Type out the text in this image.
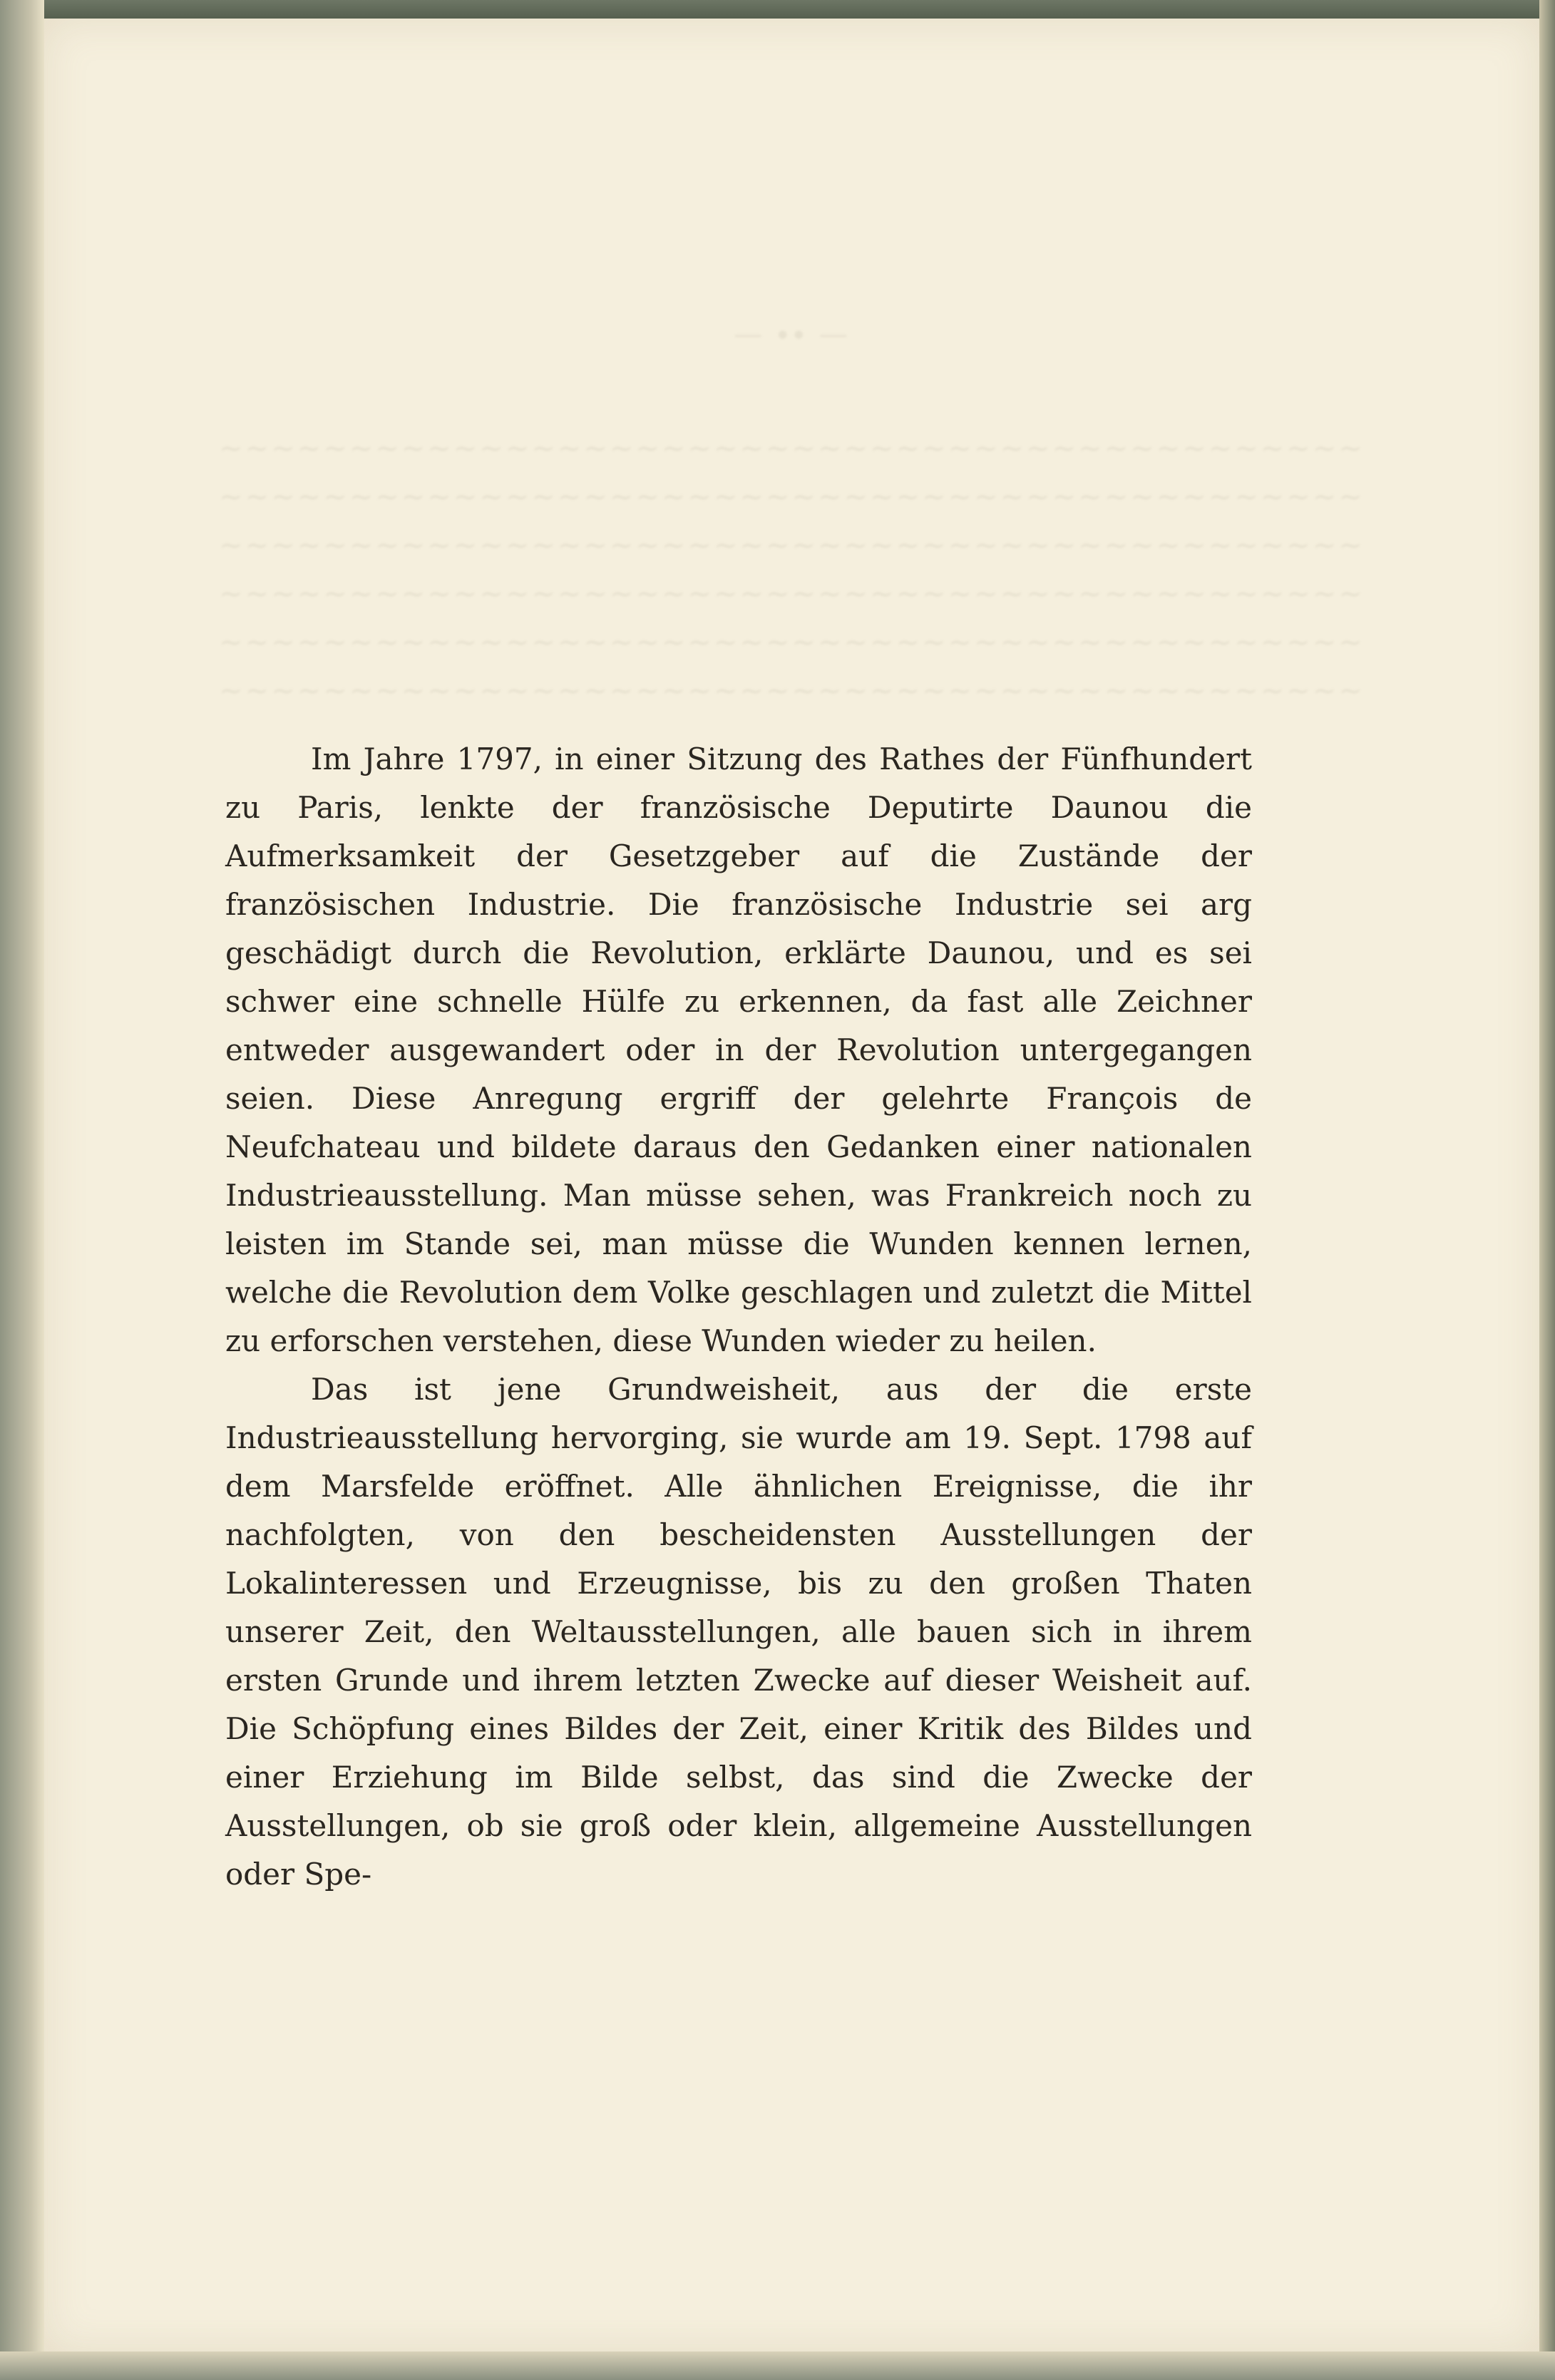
— ∙∙ —
~~~~~~~~~~~~~~~~~~~~~~~~~~~~~~~~~~~~~~~~~~~~
~~~~~~~~~~~~~~~~~~~~~~~~~~~~~~~~~~~~~~~~~~~~
~~~~~~~~~~~~~~~~~~~~~~~~~~~~~~~~~~~~~~~~~~~~
~~~~~~~~~~~~~~~~~~~~~~~~~~~~~~~~~~~~~~~~~~~~
~~~~~~~~~~~~~~~~~~~~~~~~~~~~~~~~~~~~~~~~~~~~
~~~~~~~~~~~~~~~~~~~~~~~~~~~~~~~~~~~~~~~~~~~~

Im Jahre 1797, in einer Sitzung des Rathes der Fünfhundert zu Paris, lenkte der französische Deputirte Daunou die Aufmerksamkeit der Gesetzgeber auf die Zustände der französischen Industrie. Die französische Industrie sei arg geschädigt durch die Revolution, erklärte Daunou, und es sei schwer eine schnelle Hülfe zu erkennen, da fast alle Zeichner entweder ausgewandert oder in der Revolution untergegangen seien. Diese Anregung ergriff der gelehrte François de Neufchateau und bildete daraus den Gedanken einer nationalen Industrieausstellung. Man müsse sehen, was Frankreich noch zu leisten im Stande sei, man müsse die Wunden kennen lernen, welche die Revolution dem Volke geschlagen und zuletzt die Mittel zu erforschen verstehen, diese Wunden wieder zu heilen.

Das ist jene Grundweisheit, aus der die erste Industrieausstellung hervorging, sie wurde am 19. Sept. 1798 auf dem Marsfelde eröffnet. Alle ähnlichen Ereignisse, die ihr nachfolgten, von den bescheidensten Ausstellungen der Lokalinteressen und Erzeugnisse, bis zu den großen Thaten unserer Zeit, den Weltausstellungen, alle bauen sich in ihrem ersten Grunde und ihrem letzten Zwecke auf dieser Weisheit auf. Die Schöpfung eines Bildes der Zeit, einer Kritik des Bildes und einer Erziehung im Bilde selbst, das sind die Zwecke der Ausstellungen, ob sie groß oder klein, allgemeine Ausstellungen oder Spe-
